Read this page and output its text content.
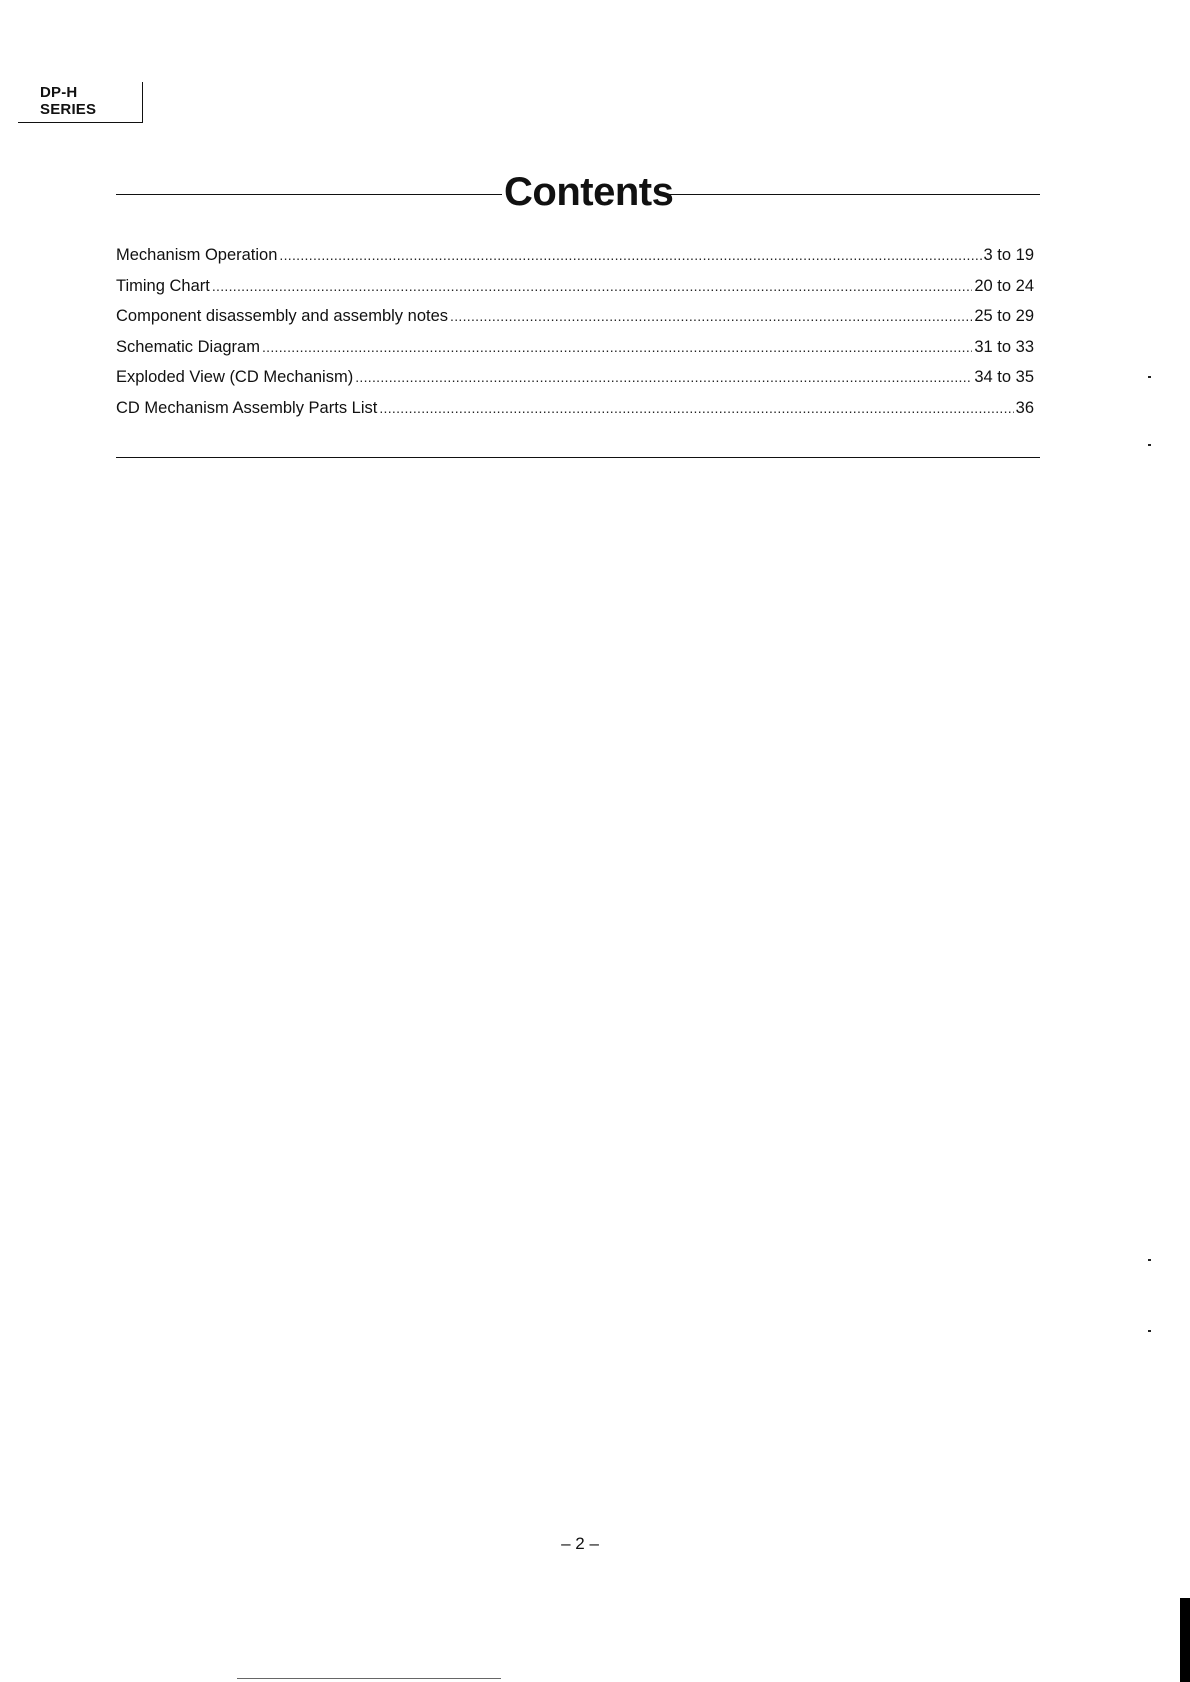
DP-H
SERIES
Contents
Mechanism Operation .....	3 to 19
Timing Chart .....	20 to 24
Component disassembly and assembly notes .....	25 to 29
Schematic Diagram .....	31 to 33
Exploded View (CD Mechanism) .....	34 to 35
CD Mechanism Assembly Parts List .....	36
– 2 –
